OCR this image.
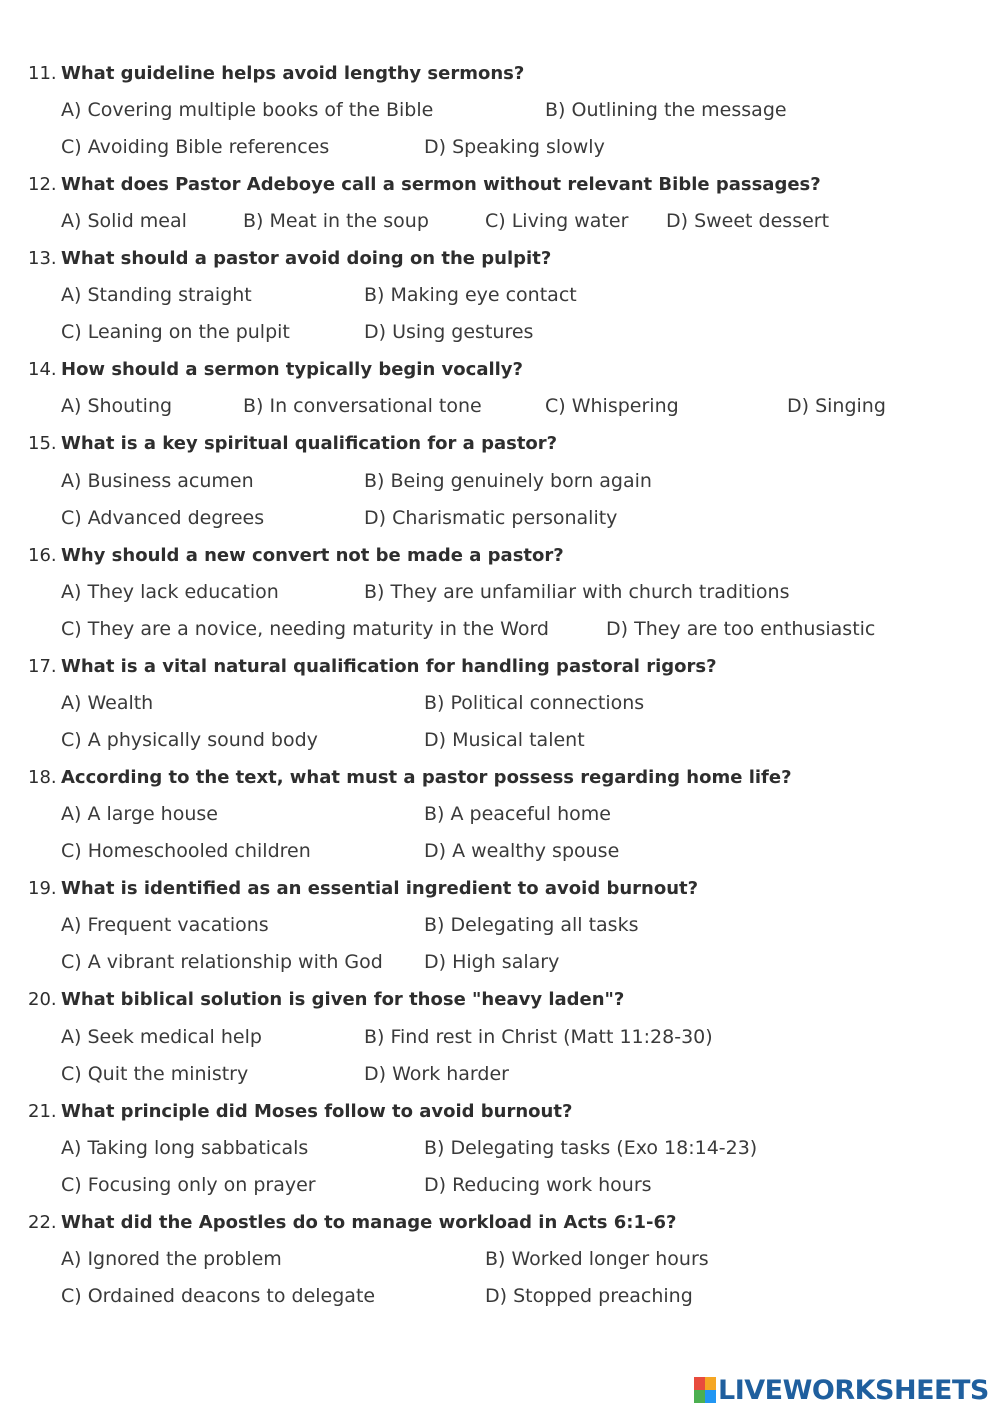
11. What guideline helps avoid lengthy sermons?
A) Covering multiple books of the Bible	B) Outlining the message
C) Avoiding Bible references	D) Speaking slowly
12. What does Pastor Adeboye call a sermon without relevant Bible passages?
A) Solid meal	B) Meat in the soup	C) Living water D) Sweet dessert
13. What should a pastor avoid doing on the pulpit?
A) Standing straight	B) Making eye contact
C) Leaning on the pulpit	D) Using gestures
14. How should a sermon typically begin vocally?
A) Shouting	B) In conversational tone	C) Whispering	D) Singing
15. What is a key spiritual qualification for a pastor?
A) Business acumen	B) Being genuinely born again
C) Advanced degrees	D) Charismatic personality
16. Why should a new convert not be made a pastor?
A) They lack education	B) They are unfamiliar with church traditions
C) They are a novice, needing maturity in the Word	D) They are too enthusiastic
17. What is a vital natural qualification for handling pastoral rigors?
A) Wealth	B) Political connections
C) A physically sound body	D) Musical talent
18. According to the text, what must a pastor possess regarding home life?
A) A large house	B) A peaceful home
C) Homeschooled children	D) A wealthy spouse
19. What is identified as an essential ingredient to avoid burnout?
A) Frequent vacations	B) Delegating all tasks
C) A vibrant relationship with God D) High salary
20. What biblical solution is given for those "heavy laden"?
A) Seek medical help	B) Find rest in Christ (Matt 11:28-30)
C) Quit the ministry	D) Work harder
21. What principle did Moses follow to avoid burnout?
A) Taking long sabbaticals	B) Delegating tasks (Exo 18:14-23)
C) Focusing only on prayer	D) Reducing work hours
22. What did the Apostles do to manage workload in Acts 6:1-6?
A) Ignored the problem	B) Worked longer hours
C) Ordained deacons to delegate	D) Stopped preaching
LIVEWORKSHEETS
